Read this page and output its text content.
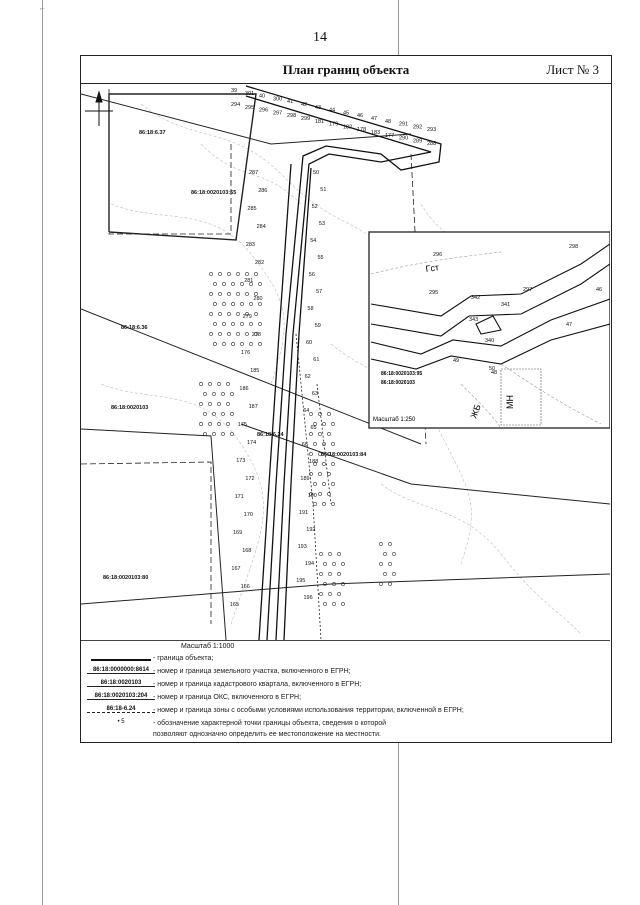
⌐
14
План границ объекта	Лист № 3
39 301 40 300 41 42 43 44 45 46 47 48 291 292 293
294 295 296 297 298 299 181 179 182 178 183 177 290 289 288
287
286
285
284
283
282
281
280
279
278
176
185
186
187
175
174
173
172
171
170
169
168
167
166
165
50
51
52
53
54
55
56
57
58
59
60
61
62
63
64
65
66
188
189
190
191
192
193
194
195
196
86:18:6.37
86:18:0020103:55
86:18:6.36
86:18:0020103
86:18:0020103:80
86:18:6.24
86:18:0020103:84
296
297
298
295
342
341
343
340
49
46
47
48
50
Гст
86:18:0020103:95
86:18:0020103
ЖБ
МН
Масштаб 1:250
Масштаб 1:1000
- граница объекта;
86:18:0000000:8614 - номер и граница земельного участка, включенного в ЕГРН;
86:18:0020103	- номер и граница кадастрового квартала, включенного в ЕГРН;
86:18:0020103:204 - номер и граница ОКС, включенного в ЕГРН;
86:18-6.24	- номер и граница зоны с особыми условиями использования территории, включенной в ЕГРН;
• 5	- обозначение характерной точки границы объекта, сведения о которой
позволяют однозначно определить ее местоположение на местности.
